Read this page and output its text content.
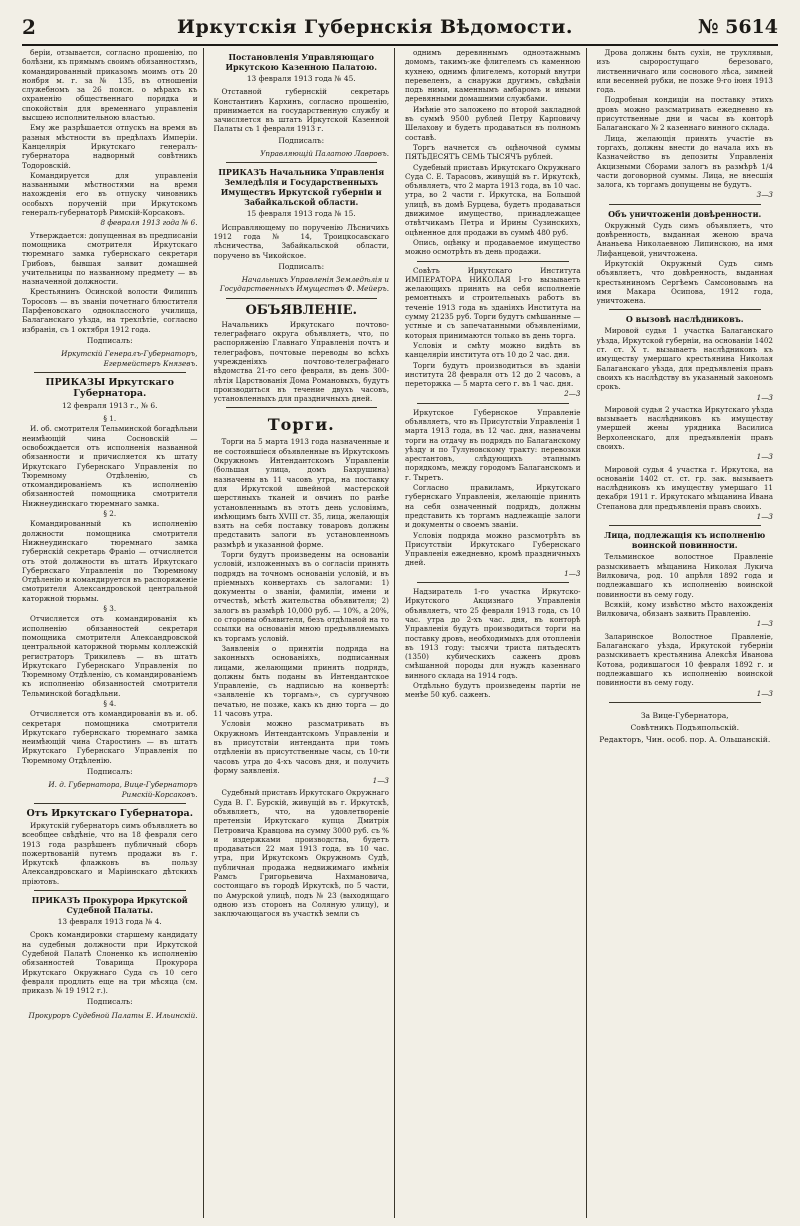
2	Иркутскія Губернскія Вѣдомости.	№ 5614

беріи, отзывается, согласно прошенію, по болѣзни, къ прямымъ своимъ обязанностямъ, командированный приказомъ моимъ отъ 20 ноября м. г. за № 135, въ отношеніи служебномъ за 26 поясн. о мѣрахъ къ охраненію общественнаго порядка и спокойствія для временнаго управленія высшею исполнительною властью.

Ему же разрѣшается отпускъ на время въ разныя мѣстности въ предѣлахъ Имперіи. Канцелярія Иркутскаго генералъ-губернатора надворный совѣтникъ Тодоровскій.

Командируется для управленія названными мѣстностями на время нахожденія его въ отпуску чиновникъ особыхъ порученій при Иркутскомъ генералъ-губернаторѣ Римскій-Корсаковъ.

8 февраля 1913 года № 6.

Утверждается: допущенная въ предписаніи помощника смотрителя Иркутскаго тюремнаго замка губернскаго секретаря Грибовъ, бывшая заявит домашней учительницы по названному предмету — въ назначенной должности.

Крестьянинъ Осинской волости Филиппъ Торосовъ — въ званіи почетнаго блюстителя Парфеновскаго одноклассного училища, Балаганскаго уѣзда, на трехлѣтіе, согласно избранія, съ 1 октября 1912 года.

Подписалъ:

Иркутскій Генералъ-Губернаторъ, Егермейстеръ Князевъ.

ПРИКАЗЫ Иркутскаго Губернатора.

12 февраля 1913 г., № 6.

§ 1.

И. об. смотрителя Тельминской богадѣльни неимѣющій чина Сосновскій — освобождается отъ исполненія названной обязанности и причисляется къ штату Иркутскаго Губернскаго Управленія по Тюремному Отдѣленію, съ откомандированіемъ къ исполненію обязанностей помощника смотрителя Нижнеудинскаго тюремнаго замка.

§ 2.

Командированный къ исполненію должности помощника смотрителя Нижнеудинскаго тюремнаго замка губернскій секретарь Франіо — отчисляется отъ этой должности въ штатъ Иркутскаго Губернскаго Управленія по Тюремному Отдѣленію и командируется въ распоряженіе смотрителя Александровской центральной каторжной тюрьмы.

§ 3.

Отчисляется отъ командированія къ исполненію обязанностей секретаря помощника смотрителя Александровской центральной каторжной тюрьмы коллежскій регистраторъ Трикилевъ — въ штатъ Иркутскаго Губернскаго Управленія по Тюремному Отдѣленію, съ командированіемъ къ исполненію обязанностей смотрителя Тельминской богадѣльни.

§ 4.

Отчисляется отъ командированія въ и. об. секретаря помощника смотрителя Иркутскаго губернскаго тюремнаго замка неимѣющій чина Старостинъ — въ штатъ Иркутскаго Губернскаго Управленія по Тюремному Отдѣленію.

Подписалъ:

И. д. Губернатора, Вице-Губернаторъ Римскій-Корсаковъ.

Отъ Иркутскаго Губернатора.

Иркутскій губернаторъ симъ объявляетъ во всеобщее свѣдѣніе, что на 18 февраля сего 1913 года разрѣшенъ публичный сборъ пожертвованій путемъ продажи въ г. Иркутскѣ флажковъ въ пользу Александровскаго и Маріинскаго дѣтскихъ пріютовъ.

ПРИКАЗЪ Прокурора Иркутской Судебной Палаты.

13 февраля 1913 года № 4.

Срокъ командировки старшему кандидату на судебныя должности при Иркутской Судебной Палатѣ Слоненко къ исполненію обязанностей Товарища Прокурора Иркутскаго Окружнаго Суда съ 10 сего февраля продлить еще на три мѣсяца (см. приказъ № 19 1912 г.).

Подписалъ:

Прокуроръ Судебной Палаты Е. Ильинскій.

Постановленія Управляющаго Иркутскою Казенною Палатою.

13 февраля 1913 года № 45.

Отставной губернскій секретарь Константинъ Кархинъ, согласно прошенію, принимается на государственную службу и зачисляется въ штатъ Иркутской Казенной Палаты съ 1 февраля 1913 г.

Подписалъ:

Управляющій Палатою Лавровъ.

ПРИКАЗЪ Начальника Управленія Земледѣлія и Государственныхъ Имуществъ Иркутской губерніи и Забайкальской области.

15 февраля 1913 года № 15.

Исправляющему по порученію Лѣсничихъ 1912 года № 14, Троицкосавскаго лѣсничества, Забайкальской области, поручено въ Чикойское.

Подписалъ:

Начальникъ Управленія Земледѣлія и Государственныхъ Имуществъ Ф. Мейеръ.

ОБЪЯВЛЕНІЕ.

Начальникъ Иркутскаго почтово-телеграфнаго округа объявляетъ, что, по распоряженію Главнаго Управленія почтъ и телеграфовъ, почтовые переводы во всѣхъ учрежденіяхъ почтово-телеграфнаго вѣдомства 21-го сего февраля, въ день 300-лѣтія Царствованія Дома Романовыхъ, будутъ производиться въ течение двухъ часовъ, установленныхъ для праздничныхъ дней.

Торги.

Торги на 5 марта 1913 года назначенные и не состоявшіеся объявленные въ Иркутскомъ Окружномъ Интендантскомъ Управленіи (большая улица, домъ Бахрушина) назначены въ 11 часовъ утра, на поставку для Иркутской швейной мастерской шерстяныхъ тканей и овчинъ по ранѣе установленнымъ въ этотъ день условіямъ, имѣющимъ быть XVIII ст. 35, лица, желающія взять на себя поставку товаровъ должны представить залоги въ установленномъ размѣрѣ и указанной форме.

Торги будутъ произведены на основаніи условій, изложенныхъ въ о согласіи принять подрядъ на точномъ основаніи условій, и въ пріемныхъ конвертахъ съ залогами: 1) документы о званіи, фамиліи, имени и отчествѣ, мѣстѣ жительства объявителя; 2) залогъ въ размѣрѣ 10,000 руб. — 10%, а 20%, со стороны объявителя, безъ отдѣльной на то ссылки на основанія мною предъявляемыхъ къ торгамъ условій.

Заявленія о принятіи подряда на законныхъ основаніяхъ, подписанныя лицами, желающими принять подрядъ, должны быть поданы въ Интендантское Управленіе, съ надписью на конвертѣ: «заявленіе къ торгамъ», съ сургучною печатью, не позже, какъ къ дню торга — до 11 часовъ утра.

Условія можно разсматривать въ Окружномъ Интендантскомъ Управленіи и въ присутствіи интенданта при томъ отдѣленіи въ присутственные часы, съ 10-ти часовъ утра до 4-хъ часовъ дня, и получить форму заявленія.

1—3

Судебный приставъ Иркутскаго Окружнаго Суда В. Г. Бурскій, живущій въ г. Иркутскѣ, объявляетъ, что, на удовлетвореніе претензіи Иркутскаго купца Дмитрія Петровича Кравцова на сумму 3000 руб. съ % и издержками производства, будетъ продаваться 22 мая 1913 года, въ 10 час. утра, при Иркутскомъ Окружномъ Судѣ, публичная продажа недвижимаго имѣнія Рамсъ Григорьевича Нахмановича, состоящаго въ городѣ Иркутскѣ, по 5 части, по Амурской улицѣ, подъ № 23 (выходящаго одною изъ сторонъ на Соляную улицу), и заключающагося въ участкѣ земли съ

однимъ деревяннымъ одноэтажнымъ домомъ, такимъ-же флигелемъ съ каменною кухнею, однимъ флигелемъ, который внутри перевеленъ, а снаружи другимъ, свѣдѣнія подъ ними, каменнымъ амбаромъ и иными деревянными домашними службами.

Имѣніе это заложено по второй закладной въ суммѣ 9500 рублей Петру Карповичу Шелахову и будетъ продаваться въ полномъ составѣ.

Торгъ начнется съ оцѣночной суммы ПЯТЬДЕСЯТЪ СЕМЬ ТЫСЯЧЪ рублей.

Судебный приставъ Иркутскаго Окружнаго Суда С. Е. Тарасовъ, живущій въ г. Иркутскѣ, объявляетъ, что 2 марта 1913 года, въ 10 час. утра, во 2 части г. Иркутска, на Большой улицѣ, въ домѣ Бурцева, будетъ продаваться движимое имущество, принадлежащее отвѣтчикамъ Петра и Ирины Сузинскихъ, оцѣненное для продажи въ суммѣ 480 руб.

Опись, оцѣнку и продаваемое имущество можно осмотрѣть въ день продажи.

Совѣтъ Иркутскаго Института ИМПЕРАТОРА НИКОЛАЯ I-го вызываетъ желающихъ принять на себя исполненіе ремонтныхъ и строительныхъ работъ въ теченіе 1913 года въ зданіяхъ Института на сумму 21235 руб. Торги будутъ смѣшанные — устные и съ запечатанными объявленіями, которыя принимаются только въ день торга.

Условія и смѣту можно видѣть въ канцеляріи института отъ 10 до 2 час. дня.

Торги будутъ производиться въ зданіи института 28 февраля отъ 12 до 2 часовъ, а переторжка — 5 марта сего г. въ 1 час. дня.

2—3

Иркутское Губернское Управленіе объявляетъ, что въ Присутствіи Управленія 1 марта 1913 года, въ 12 час. дня, назначены торги на отдачу въ подрядъ по Балаганскому уѣзду и по Тулуновскому тракту: перевозки арестантовъ, слѣдующихъ этапнымъ порядкомъ, между городомъ Балаганскомъ и г. Тыретъ.

Согласно правиламъ, Иркутскаго губернскаго Управленія, желающіе принять на себя означенный подрядъ, должны представить къ торгамъ надлежащіе залоги и документы о своемъ званіи.

Условія подряда можно разсмотрѣть въ Присутствіи Иркутскаго Губернскаго Управленія ежедневно, кромѣ праздничныхъ дней.

1—3

Надзиратель 1-го участка Иркутско-Иркутского Акцизнаго Управленія объявляетъ, что 25 февраля 1913 года, съ 10 час. утра до 2-хъ час. дня, въ конторѣ Управленія будутъ производиться торги на поставку дровъ, необходимыхъ для отопленія въ 1913 году: тысячи триста пятьдесятъ (1350) кубическихъ саженъ дровъ смѣшанной породы для нуждъ казеннаго винного склада на 1914 годъ.

Отдѣльно будутъ произведены партіи не менѣе 50 куб. саженъ.

Дрова должны быть сухія, не трухлявыя, изъ сыроростущаго березоваго, лиственничнаго или соснового лѣса, зимней или весенней рубки, не позже 9-го іюня 1913 года.

Подробныя кондиціи на поставку этихъ дровъ можно разсматривать ежедневно въ присутственные дни и часы въ конторѣ Балаганскаго № 2 казеннаго винного склада.

Лица, желающія принять участіе въ торгахъ, должны внести до начала ихъ въ Казначейство въ депозиты Управленія Акцизными Сборами залогъ въ размѣрѣ 1/4 части договорной суммы. Лица, не внесшія залога, къ торгамъ допущены не будутъ.

3—3

Объ уничтоженіи довѣренности.

Окружный Судъ симъ объявляетъ, что довѣренность, выданная женою врача Ананьева Николаевною Липинскою, на имя Лифанцевой, уничтожена.

Иркутскій Окружный Судъ симъ объявляетъ, что довѣренность, выданная крестьяниномъ Сергѣемъ Самсоновымъ на имя Макара Осипова, 1912 года, уничтожена.

О вызовѣ наслѣдниковъ.

Мировой судья 1 участка Балаганскаго уѣзда, Иркутской губерніи, на основаніи 1402 ст. ст. X т. вызываетъ наслѣдниковъ къ имуществу умершаго крестьянина Николая Балаганскаго уѣзда, для предъявленія правъ своихъ къ наслѣдству въ указанный закономъ срокъ.

1—3

Мировой судья 2 участка Иркутскаго уѣзда вызываетъ наслѣдниковъ къ имуществу умершей жены урядника Василиса Верхоленскаго, для предъявленія правъ своихъ.

1—3

Мировой судья 4 участка г. Иркутска, на основаніи 1402 ст. ст. гр. зак. вызываетъ наслѣдниковъ къ имуществу умершаго 11 декабря 1911 г. Иркутскаго мѣщанина Ивана Степанова для предъявленія правъ своихъ.

1—3

Лица, подлежащія къ исполненію воинской повинности.

Тельминское волостное Правленіе разыскиваетъ мѣщанина Николая Лукича Вилковича, род. 10 апрѣля 1892 года и подлежавшаго къ исполненію воинской повинности въ сему году.

Всякій, кому извѣстно мѣсто нахожденія Вилковича, обязанъ заявить Правленію.

1—3

Заларинское Волостное Правленіе, Балаганскаго уѣзда, Иркутской губерніи разыскиваетъ крестьянина Алексѣя Иванова Котова, родившагося 10 февраля 1892 г. и подлежавшаго къ исполненію воинской повинности въ сему году.

1—3

За Вице-Губернатора,

Совѣтникъ Подъяпольскій.

Редакторъ, Чин. особ. пор. А. Ольшанскій.
